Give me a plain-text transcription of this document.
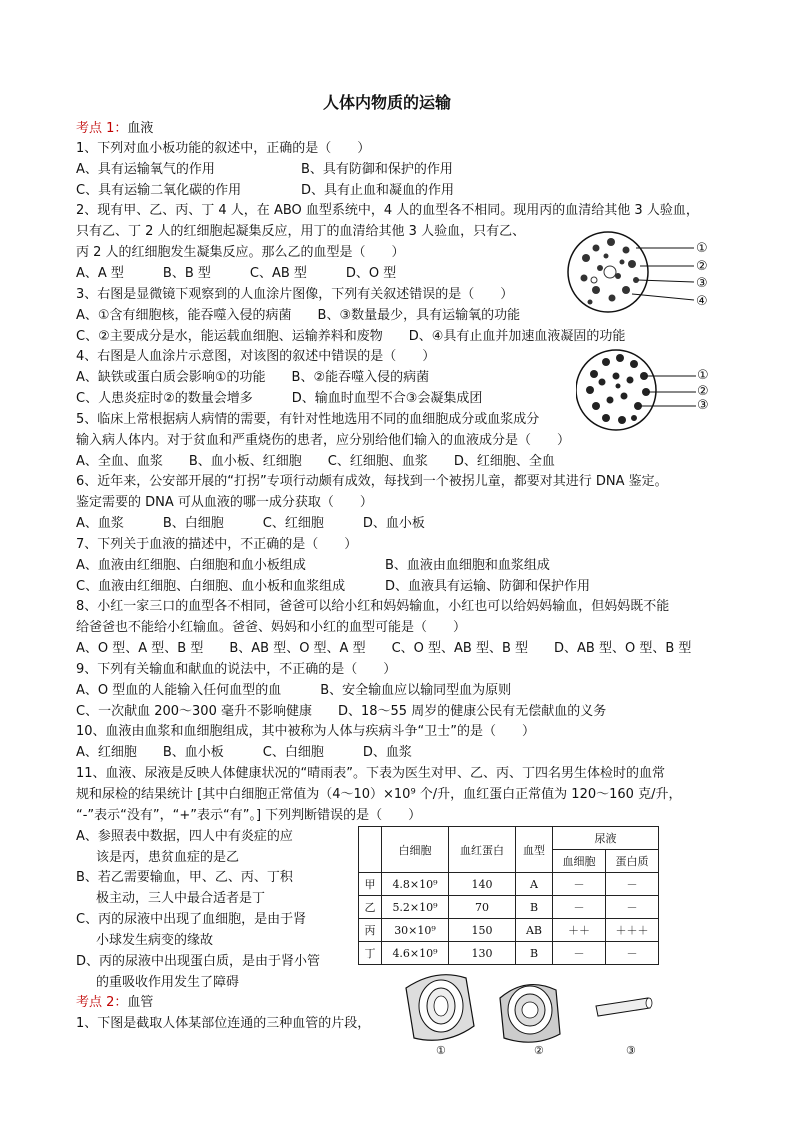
人体内物质的运输
考点 1：血液
1、下列对血小板功能的叙述中，正确的是（　　）
A、具有运输氧气的作用	B、具有防御和保护的作用
C、具有运输二氧化碳的作用	D、具有止血和凝血的作用
2、现有甲、乙、丙、丁 4 人，在 ABO 血型系统中，4 人的血型各不相同。现用丙的血清给其他 3 人验血，
只有乙、丁 2 人的红细胞起凝集反应，用丁的血清给其他 3 人验血，只有乙、
丙 2 人的红细胞发生凝集反应。那么乙的血型是（　　）
A、A 型　　　B、B 型　　　C、AB 型　　　D、O 型
3、右图是显微镜下观察到的人血涂片图像，下列有关叙述错误的是（　　）
A、①含有细胞核，能吞噬入侵的病菌　　B、③数量最少，具有运输氧的功能
C、②主要成分是水，能运载血细胞、运输养料和废物　　D、④具有止血并加速血液凝固的功能
4、右图是人血涂片示意图，对该图的叙述中错误的是（　　）
A、缺铁或蛋白质会影响①的功能　　B、②能吞噬入侵的病菌
C、人患炎症时②的数量会增多　　　D、输血时血型不合③会凝集成团
5、临床上常根据病人病情的需要，有针对性地选用不同的血细胞成分或血浆成分
输入病人体内。对于贫血和严重烧伤的患者，应分别给他们输入的血液成分是（　　）
A、全血、血浆　　B、血小板、红细胞　　C、红细胞、血浆　　D、红细胞、全血
6、近年来，公安部开展的“打拐”专项行动颇有成效，每找到一个被拐儿童，都要对其进行 DNA 鉴定。
鉴定需要的 DNA 可从血液的哪一成分获取（　　）
A、血浆　　　B、白细胞　　　C、红细胞　　　D、血小板
7、下列关于血液的描述中，不正确的是（　　）
A、血液由红细胞、白细胞和血小板组成	B、血液由血细胞和血浆组成
C、血液由红细胞、白细胞、血小板和血浆组成	D、血液具有运输、防御和保护作用
8、小红一家三口的血型各不相同，爸爸可以给小红和妈妈输血，小红也可以给妈妈输血，但妈妈既不能
给爸爸也不能给小红输血。爸爸、妈妈和小红的血型可能是（　　）
A、O 型、A 型、B 型　　B、AB 型、O 型、A 型　　C、O 型、AB 型、B 型　　D、AB 型、O 型、B 型
9、下列有关输血和献血的说法中，不正确的是（　　）
A、O 型血的人能输入任何血型的血　　　B、安全输血应以输同型血为原则
C、一次献血 200～300 毫升不影响健康　　D、18～55 周岁的健康公民有无偿献血的义务
10、血液由血浆和血细胞组成，其中被称为人体与疾病斗争“卫士”的是（　　）
A、红细胞　　B、血小板　　　C、白细胞　　　D、血浆
11、血液、尿液是反映人体健康状况的“晴雨表”。下表为医生对甲、乙、丙、丁四名男生体检时的血常
规和尿检的结果统计 [其中白细胞正常值为（4～10）×10⁹ 个/升，血红蛋白正常值为 120～160 克/升，
“-”表示“没有”，“+”表示“有”。] 下列判断错误的是（　　）
A、参照表中数据，四人中有炎症的应
该是丙，患贫血症的是乙
B、若乙需要输血，甲、乙、丙、丁积
极主动，三人中最合适者是丁
C、丙的尿液中出现了血细胞，是由于肾
小球发生病变的缘故
D、丙的尿液中出现蛋白质，是由于肾小管
的重吸收作用发生了障碍
考点 2：血管
1、下图是截取人体某部位连通的三种血管的片段，
①
②
③
④
①
②
③
	白细胞	血红蛋白	血型	尿液	
				血细胞	蛋白质
甲	4.8×10⁹	140	A	－	－
乙	5.2×10⁹	70	B	－	－
丙	30×10⁹	150	AB	＋＋	＋＋＋
丁	4.6×10⁹	130	B	－	－
①	②	③
